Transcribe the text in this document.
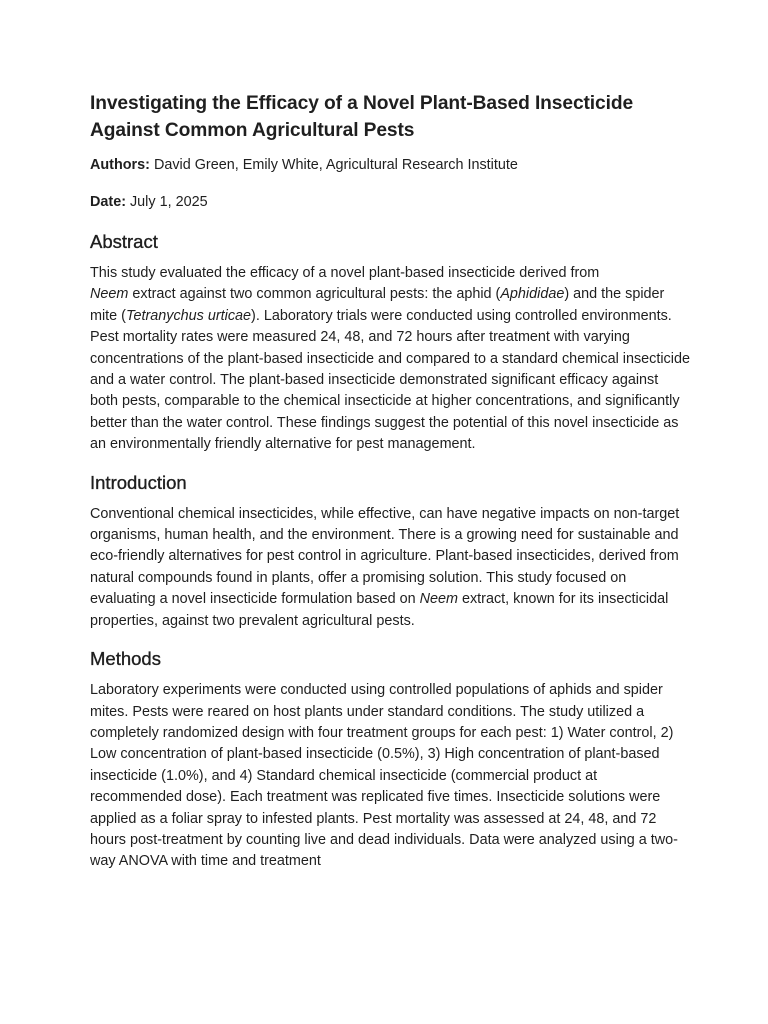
Investigating the Efficacy of a Novel Plant-Based Insecticide Against Common Agricultural Pests

Authors: David Green, Emily White, Agricultural Research Institute

Date: July 1, 2025

Abstract

This study evaluated the efficacy of a novel plant-based insecticide derived from
Neem extract against two common agricultural pests: the aphid (Aphididae) and the spider mite (Tetranychus urticae). Laboratory trials were conducted using controlled environments. Pest mortality rates were measured 24, 48, and 72 hours after treatment with varying concentrations of the plant-based insecticide and compared to a standard chemical insecticide and a water control. The plant-based insecticide demonstrated significant efficacy against both pests, comparable to the chemical insecticide at higher concentrations, and significantly better than the water control. These findings suggest the potential of this novel insecticide as an environmentally friendly alternative for pest management.

Introduction

Conventional chemical insecticides, while effective, can have negative impacts on non-target organisms, human health, and the environment. There is a growing need for sustainable and eco-friendly alternatives for pest control in agriculture. Plant-based insecticides, derived from natural compounds found in plants, offer a promising solution. This study focused on evaluating a novel insecticide formulation based on Neem extract, known for its insecticidal properties, against two prevalent agricultural pests.

Methods

Laboratory experiments were conducted using controlled populations of aphids and spider mites. Pests were reared on host plants under standard conditions. The study utilized a completely randomized design with four treatment groups for each pest: 1) Water control, 2) Low concentration of plant-based insecticide (0.5%), 3) High concentration of plant-based insecticide (1.0%), and 4) Standard chemical insecticide (commercial product at recommended dose). Each treatment was replicated five times. Insecticide solutions were applied as a foliar spray to infested plants. Pest mortality was assessed at 24, 48, and 72 hours post-treatment by counting live and dead individuals. Data were analyzed using a two-way ANOVA with time and treatment
